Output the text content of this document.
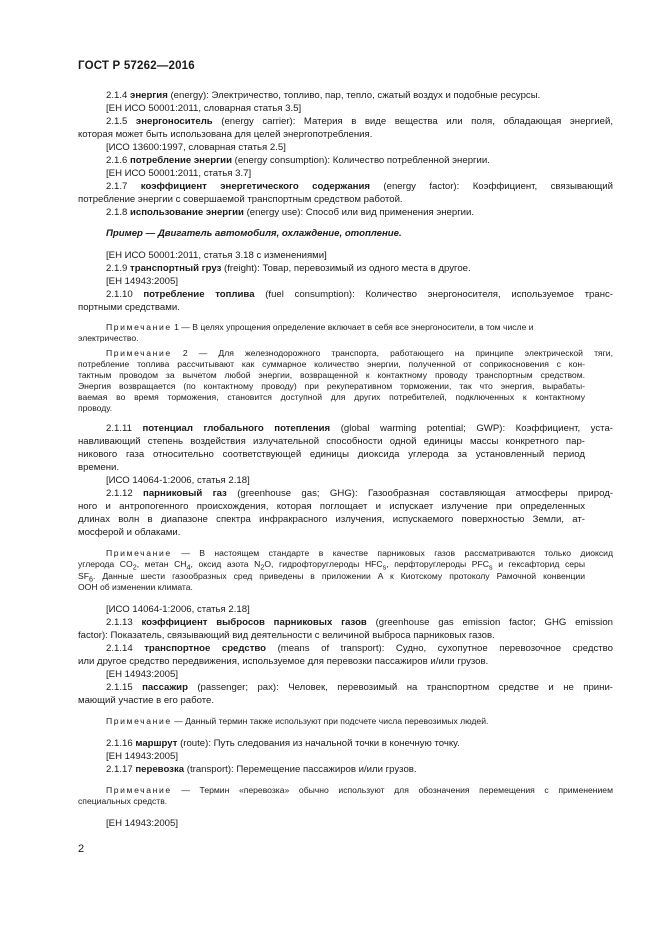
ГОСТ Р 57262—2016
2.1.4 энергия (energy): Электричество, топливо, пар, тепло, сжатый воздух и подобные ресурсы.
[ЕН ИСО 50001:2011, словарная статья 3.5]
2.1.5 энергоноситель (energy carrier): Материя в виде вещества или поля, обладающая энергией,
которая может быть использована для целей энергопотребления.
[ИСО 13600:1997, словарная статья 2.5]
2.1.6 потребление энергии (energy consumption): Количество потребленной энергии.
[ЕН ИСО 50001:2011, статья 3.7]
2.1.7 коэффициент энергетического содержания (energy factor): Коэффициент, связывающий
потребление энергии с совершаемой транспортным средством работой.
2.1.8 использование энергии (energy use): Способ или вид применения энергии.
Пример — Двигатель автомобиля, охлаждение, отопление.
[ЕН ИСО 50001:2011, статья 3.18 с изменениями]
2.1.9 транспортный груз (freight): Товар, перевозимый из одного места в другое.
[ЕН 14943:2005]
2.1.10 потребление топлива (fuel consumption): Количество энергоносителя, используемое транс-
портными средствами.
Примечание 1 — В целях упрощения определение включает в себя все энергоносители, в том числе и
электричество.
Примечание 2 — Для железнодорожного транспорта, работающего на принципе электрической тяги,
потребление топлива рассчитывают как суммарное количество энергии, полученной от соприкосновения с кон-
тактным проводом за вычетом любой энергии, возвращенной к контактному проводу транспортным средством.
Энергия возвращается (по контактному проводу) при рекуперативном торможении, так что энергия, вырабаты-
ваемая во время торможения, становится доступной для других потребителей, подключенных к контактному
проводу.
2.1.11 потенциал глобального потепления (global warming potential; GWP): Коэффициент, уста-
навливающий степень воздействия излучательной способности одной единицы массы конкретного пар-
никового газа относительно соответствующей единицы диоксида углерода за установленный период
времени.
[ИСО 14064-1:2006, статья 2.18]
2.1.12 парниковый газ (greenhouse gas; GHG): Газообразная составляющая атмосферы природ-
ного и антропогенного происхождения, которая поглощает и испускает излучение при определенных
длинах волн в диапазоне спектра инфракрасного излучения, испускаемого поверхностью Земли, ат-
мосферой и облаками.
Примечание — В настоящем стандарте в качестве парниковых газов рассматриваются только диоксид
углерода $CO_2$, метан $CH_4$, оксид азота $N_2O$, гидрофторуглероды $HFC_s$, перфторуглероды $PFC_s$ и гексафторид серы
$SF_6$. Данные шести газообразных сред приведены в приложении A к Киотскому протоколу Рамочной конвенции
ООН об изменении климата.
[ИСО 14064-1:2006, статья 2.18]
2.1.13 коэффициент выбросов парниковых газов (greenhouse gas emission factor; GHG emission
factor): Показатель, связывающий вид деятельности с величиной выброса парниковых газов.
2.1.14 транспортное средство (means of transport): Судно, сухопутное перевозочное средство
или другое средство передвижения, используемое для перевозки пассажиров и/или грузов.
[ЕН 14943:2005]
2.1.15 пассажир (passenger; pax): Человек, перевозимый на транспортном средстве и не прини-
мающий участие в его работе.
Примечание — Данный термин также используют при подсчете числа перевозимых людей.
2.1.16 маршрут (route): Путь следования из начальной точки в конечную точку.
[ЕН 14943:2005]
2.1.17 перевозка (transport): Перемещение пассажиров и/или грузов.
Примечание — Термин «перевозка» обычно используют для обозначения перемещения с применением
специальных средств.
[ЕН 14943:2005]
2
